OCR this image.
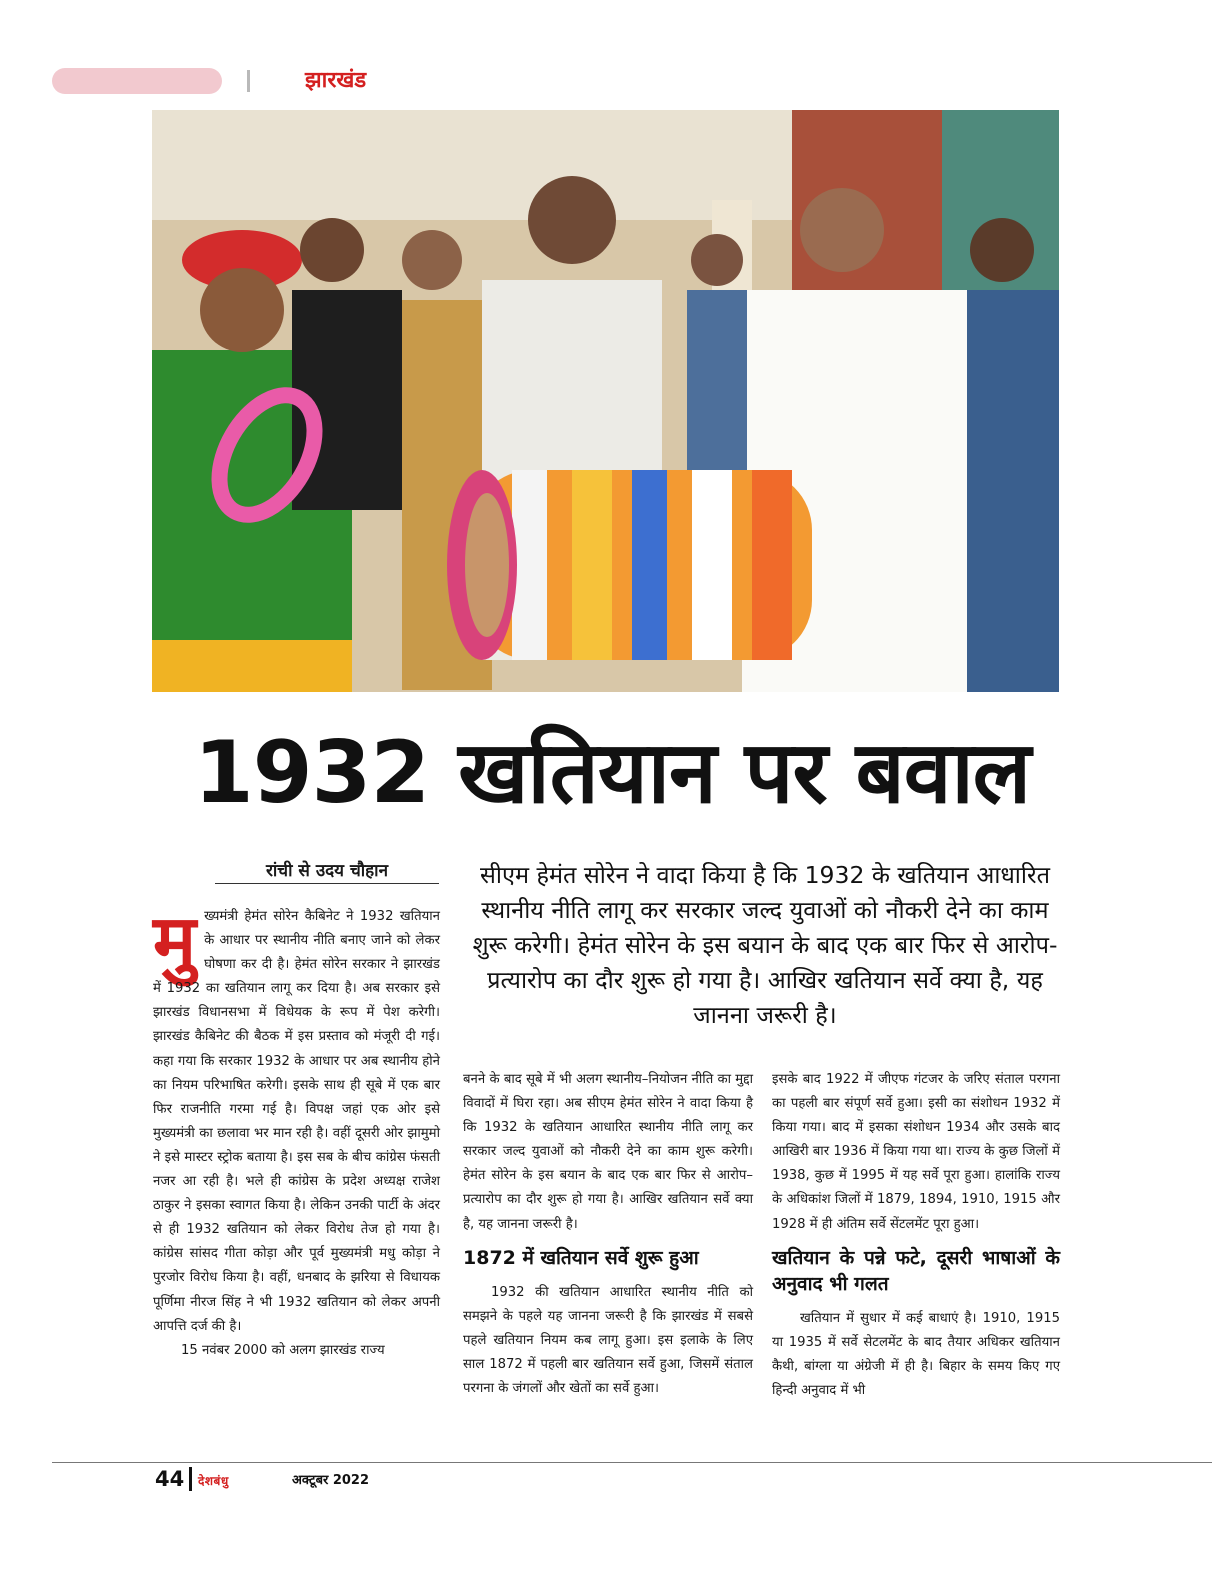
झारखंड
1932 खतियान पर बवाल
रांची से उदय चौहान	सीएम हेमंत सोरेन ने वादा किया है कि 1932 के खतियान आधारित स्थानीय नीति लागू कर सरकार जल्द युवाओं को नौकरी देने का काम शुरू करेगी। हेमंत सोरेन के इस बयान के बाद एक बार फिर से आरोप-प्रत्यारोप का दौर शुरू हो गया है। आखिर खतियान सर्वे क्या है, यह जानना जरूरी है।
मु ख्यमंत्री हेमंत सोरेन कैबिनेट ने 1932 खतियान के आधार पर स्थानीय नीति बनाए जाने को लेकर घोषणा कर दी है। हेमंत सोरेन सरकार ने झारखंड में 1932 का खतियान लागू कर दिया है। अब सरकार इसे झारखंड विधानसभा में विधेयक के रूप में पेश करेगी। झारखंड कैबिनेट की बैठक में इस प्रस्ताव को मंजूरी दी गई। कहा गया कि सरकार 1932 के आधार पर अब स्थानीय होने का नियम परिभाषित करेगी। इसके साथ ही सूबे में एक बार फिर राजनीति गरमा गई है। विपक्ष जहां एक ओर इसे मुख्यमंत्री का छलावा भर मान रही है। वहीं दूसरी ओर झामुमो ने इसे मास्टर स्ट्रोक बताया है। इस सब के बीच कांग्रेस फंसती नजर आ रही है। भले ही कांग्रेस के प्रदेश अध्यक्ष राजेश ठाकुर ने इसका स्वागत किया है। लेकिन उनकी पार्टी के अंदर से ही 1932 खतियान को लेकर विरोध तेज हो गया है। कांग्रेस सांसद गीता कोड़ा और पूर्व मुख्यमंत्री मधु कोड़ा ने पुरजोर विरोध किया है। वहीं, धनबाद के झरिया से विधायक पूर्णिमा नीरज सिंह ने भी 1932 खतियान को लेकर अपनी आपत्ति दर्ज की है।

15 नवंबर 2000 को अलग झारखंड राज्य

बनने के बाद सूबे में भी अलग स्थानीय–नियोजन नीति का मुद्दा विवादों में घिरा रहा। अब सीएम हेमंत सोरेन ने वादा किया है कि 1932 के खतियान आधारित स्थानीय नीति लागू कर सरकार जल्द युवाओं को नौकरी देने का काम शुरू करेगी। हेमंत सोरेन के इस बयान के बाद एक बार फिर से आरोप–प्रत्यारोप का दौर शुरू हो गया है। आखिर खतियान सर्वे क्या है, यह जानना जरूरी है।

1872 में खतियान सर्वे शुरू हुआ

1932 की खतियान आधारित स्थानीय नीति को समझने के पहले यह जानना जरूरी है कि झारखंड में सबसे पहले खतियान नियम कब लागू हुआ। इस इलाके के लिए साल 1872 में पहली बार खतियान सर्वे हुआ, जिसमें संताल परगना के जंगलों और खेतों का सर्वे हुआ।

इसके बाद 1922 में जीएफ गंटजर के जरिए संताल परगना का पहली बार संपूर्ण सर्वे हुआ। इसी का संशोधन 1932 में किया गया। बाद में इसका संशोधन 1934 और उसके बाद आखिरी बार 1936 में किया गया था। राज्य के कुछ जिलों में 1938, कुछ में 1995 में यह सर्वे पूरा हुआ। हालांकि राज्य के अधिकांश जिलों में 1879, 1894, 1910, 1915 और 1928 में ही अंतिम सर्वे सेंटलमेंट पूरा हुआ।

खतियान के पन्ने फटे, दूसरी भाषाओं के अनुवाद भी गलत

खतियान में सुधार में कई बाधाएं है। 1910, 1915 या 1935 में सर्वे सेटलमेंट के बाद तैयार अधिकर खतियान कैथी, बांग्ला या अंग्रेजी में ही है। बिहार के समय किए गए हिन्दी अनुवाद में भी

44 देशबंधु	अक्टूबर 2022
